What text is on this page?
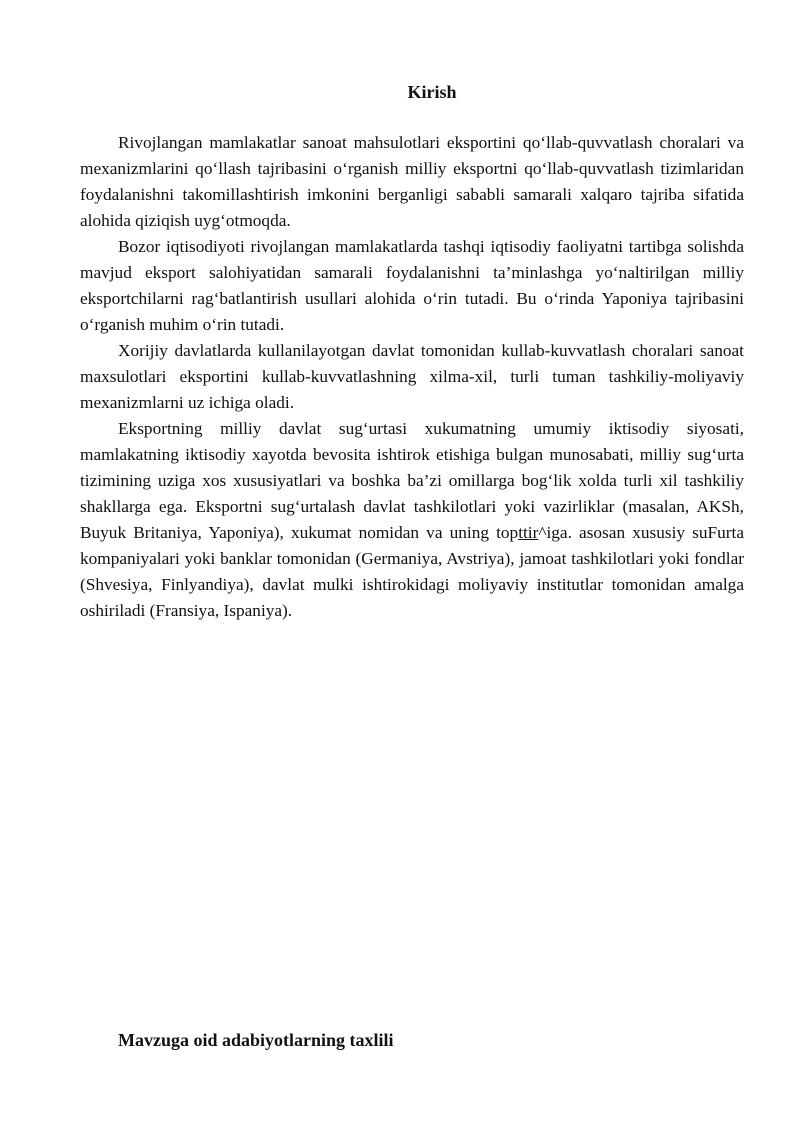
Kirish

Rivojlangan mamlakatlar sanoat mahsulotlari eksportini qo‘llab-quvvatlash choralari va mexanizmlarini qo‘llash tajribasini o‘rganish milliy eksportni qo‘llab-quvvatlash tizimlaridan foydalanishni takomillashtirish imkonini berganligi sababli samarali xalqaro tajriba sifatida alohida qiziqish uyg‘otmoqda.

Bozor iqtisodiyoti rivojlangan mamlakatlarda tashqi iqtisodiy faoliyatni tartibga solishda mavjud eksport salohiyatidan samarali foydalanishni ta’minlashga yo‘naltirilgan milliy eksportchilarni rag‘batlantirish usullari alohida o‘rin tutadi. Bu o‘rinda Yaponiya tajribasini o‘rganish muhim o‘rin tutadi.

Xorijiy davlatlarda kullanilayotgan davlat tomonidan kullab-kuvvatlash choralari sanoat maxsulotlari eksportini kullab-kuvvatlashning xilma-xil, turli tuman tashkiliy-moliyaviy mexanizmlarni uz ichiga oladi.

Eksportning milliy davlat sug‘urtasi xukumatning umumiy iktisodiy siyosati, mamlakatning iktisodiy xayotda bevosita ishtirok etishiga bulgan munosabati, milliy sug‘urta tizimining uziga xos xususiyatlari va boshka ba’zi omillarga bog‘lik xolda turli xil tashkiliy shakllarga ega. Eksportni sug‘urtalash davlat tashkilotlari yoki vazirliklar (masalan, AKSh, Buyuk Britaniya, Yaponiya), xukumat nomidan va uning topttir^iga. asosan xususiy suFurta kompaniyalari yoki banklar tomonidan (Germaniya, Avstriya), jamoat tashkilotlari yoki fondlar (Shvesiya, Finlyandiya), davlat mulki ishtirokidagi moliyaviy institutlar tomonidan amalga oshiriladi (Fransiya, Ispaniya).

Mavzuga oid adabiyotlarning taxlili
